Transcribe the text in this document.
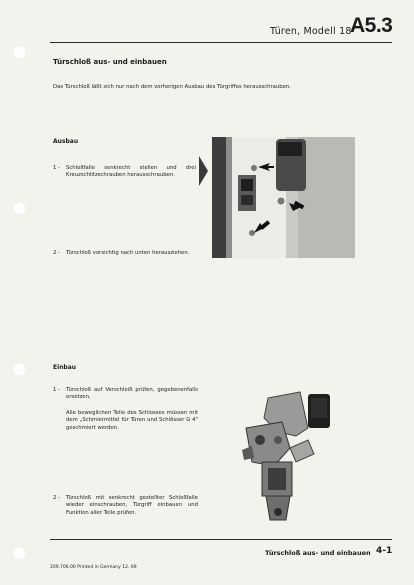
Türen, Modell 18
A5.3
Türschloß aus- und einbauen
Das Türschloß läßt sich nur nach dem vorherigen Ausbau des Türgriffes herausschrauben.
Ausbau
1 - Schloßfalle senkrecht stellen und drei Kreuzschlitzschrauben herausschrauben.
2 - Türschloß vorsichtig nach unten herausziehen.
Einbau
1 - Türschloß auf Verschleiß prüfen, gegebenenfalls ersetzen.
Alle beweglichen Teile des Schlosses müssen mit dem „Schmiermittel für Türen und Schlösser G 4" geschmiert werden.
2 - Türschloß mit senkrecht gestellter Schloßfalle wieder einschrauben, Türgriff einbauen und Funktion aller Teile prüfen.
Türschloß aus- und einbauen 4-1
209.706.00 Printed in Germany 12. 69
